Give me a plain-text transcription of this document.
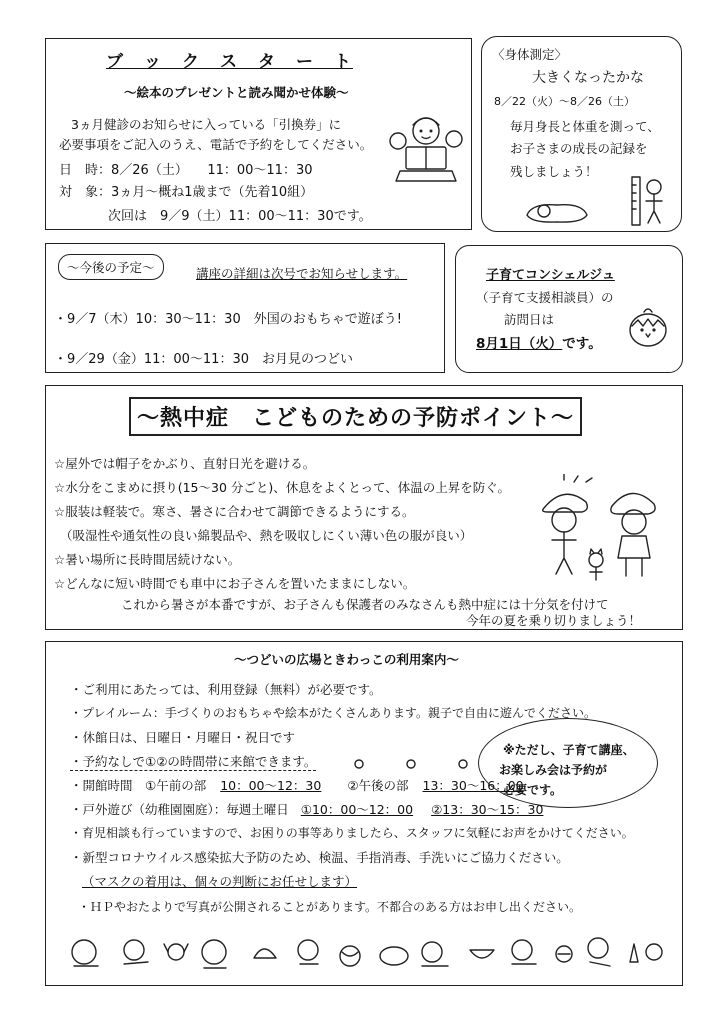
ブ　ッ　ク　ス　タ　ー　ト
～絵本のプレゼントと読み聞かせ体験～
3ヵ月健診のお知らせに入っている「引換券」に
必要事項をご記入のうえ、電話で予約をしてください。
日　時：8／26（土）　　11：00～11：30
対　象：3ヵ月～概ね1歳まで（先着10組）
次回は　9／9（土）11：00～11：30です。
〈身体測定〉
大きくなったかな
8／22（火）～8／26（土）
毎月身長と体重を測って、
お子さまの成長の記録を
残しましょう！
～今後の予定～	講座の詳細は次号でお知らせします。
・9／7（木）10：30～11：30　外国のおもちゃで遊ぼう!
・9／29（金）11：00～11：30　お月見のつどい
子育てコンシェルジュ
（子育て支援相談員）の
訪問日は
8月1日（火）です。
～熱中症　こどものための予防ポイント～
☆屋外では帽子をかぶり、直射日光を避ける。
☆水分をこまめに摂り(15～30 分ごと)、休息をよくとって、体温の上昇を防ぐ。
☆服装は軽装で。寒さ、暑さに合わせて調節できるようにする。
（吸湿性や通気性の良い綿製品や、熱を吸収しにくい薄い色の服が良い）
☆暑い場所に長時間居続けない。
☆どんなに短い時間でも車中にお子さんを置いたままにしない。
これから暑さが本番ですが、お子さんも保護者のみなさんも熱中症には十分気を付けて
今年の夏を乗り切りましょう！
～つどいの広場ときわっこの利用案内～
・ご利用にあたっては、利用登録（無料）が必要です。
・プレイルーム：手づくりのおもちゃや絵本がたくさんあります。親子で自由に遊んでください。
・休館日は、日曜日・月曜日・祝日です
・予約なしで①②の時間帯に来館できます。
・開館時間　①午前の部 10：00～12：30 ②午後の部 13：30～16：00
・戸外遊び（幼稚園園庭）：毎週土曜日 ①10：00～12：00 ②13：30～15：30
・育児相談も行っていますので、お困りの事等ありましたら、スタッフに気軽にお声をかけてください。
・新型コロナウイルス感染拡大予防のため、検温、手指消毒、手洗いにご協力ください。
（マスクの着用は、個々の判断にお任せします）
・ＨＰやおたよりで写真が公開されることがあります。不都合のある方はお申し出ください。
※ただし、子育て講座、
お楽しみ会は予約が
必要です。
